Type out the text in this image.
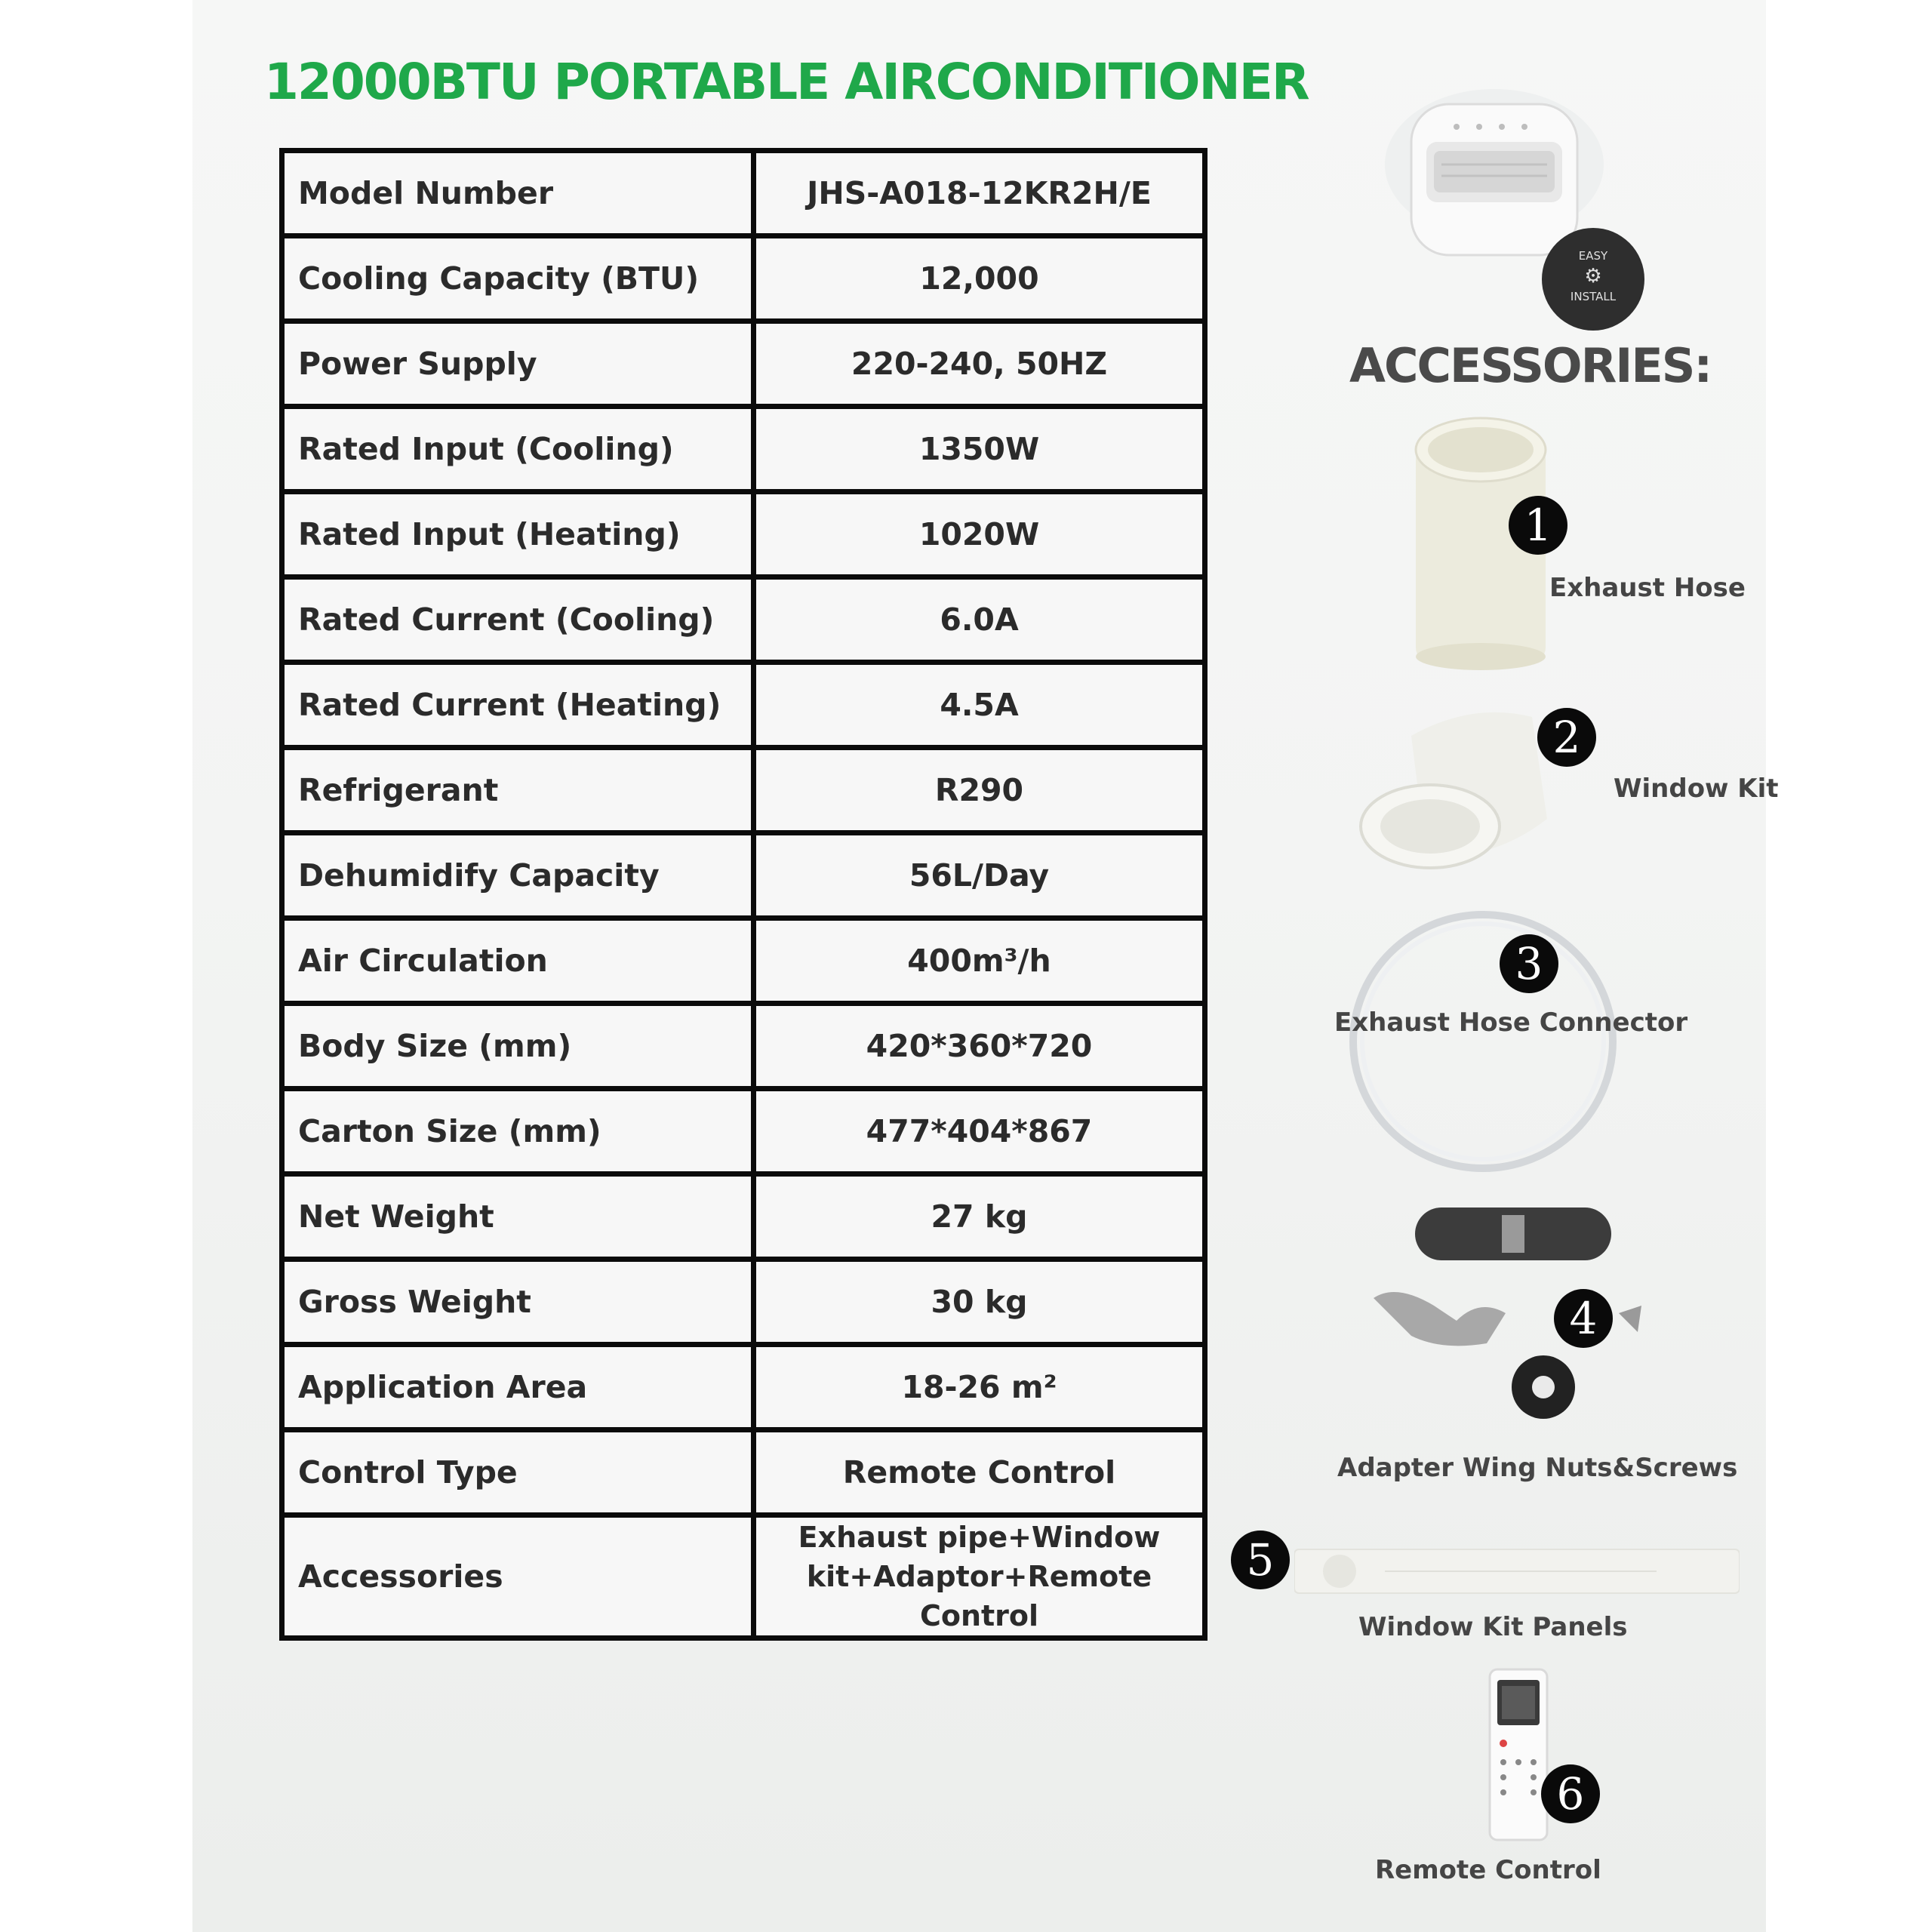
12000BTU PORTABLE AIRCONDITIONER
Model Number	JHS-A018-12KR2H/E
Cooling Capacity (BTU)	12,000
Power Supply	220-240, 50HZ
Rated Input (Cooling)	1350W
Rated Input (Heating)	1020W
Rated Current (Cooling)	6.0A
Rated Current (Heating)	4.5A
Refrigerant	R290
Dehumidify Capacity	56L/Day
Air Circulation	400m³/h
Body Size (mm)	420*360*720
Carton Size (mm)	477*404*867
Net Weight	27 kg
Gross Weight	30 kg
Application Area	18-26 m²
Control Type	Remote Control
Accessories	Exhaust pipe+Window kit+Adaptor+Remote Control
EASY
⚙
INSTALL
ACCESSORIES:
1
Exhaust Hose
2
Window Kit
3
Exhaust Hose Connector
4
Adapter Wing Nuts&Screws
5
Window Kit Panels
6
Remote Control
